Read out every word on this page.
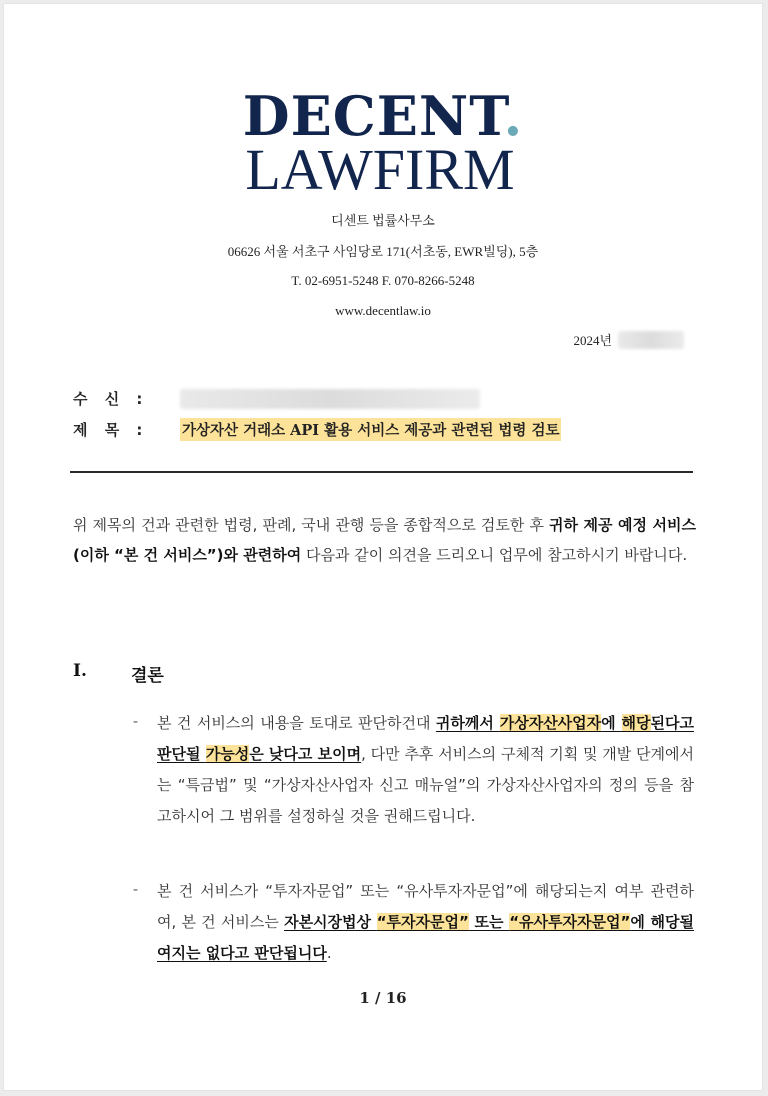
DECENT.
LAWFIRM
디센트 법률사무소
06626 서울 서초구 사임당로 171(서초동, EWR빌딩), 5층
T. 02-6951-5248 F. 070-8266-5248
www.decentlaw.io
2024년
수 신 :
제 목 :	가상자산 거래소 API 활용 서비스 제공과 관련된 법령 검토
위 제목의 건과 관련한 법령, 판례, 국내 관행 등을 종합적으로 검토한 후 귀하 제공 예정 서비스(이하 “본 건 서비스”)와 관련하여 다음과 같이 의견을 드리오니 업무에 참고하시기 바랍니다.
I.	결론
- 본 건 서비스의 내용을 토대로 판단하건대 귀하께서 가상자산사업자에 해당된다고 판단될 가능성은 낮다고 보이며, 다만 추후 서비스의 구체적 기획 및 개발 단계에서는 “특금법” 및 “가상자산사업자 신고 매뉴얼”의 가상자산사업자의 정의 등을 참고하시어 그 범위를 설정하실 것을 권해드립니다.
- 본 건 서비스가 “투자자문업” 또는 “유사투자자문업”에 해당되는지 여부 관련하여, 본 건 서비스는 자본시장법상 “투자자문업” 또는 “유사투자자문업”에 해당될 여지는 없다고 판단됩니다.
1 / 16
